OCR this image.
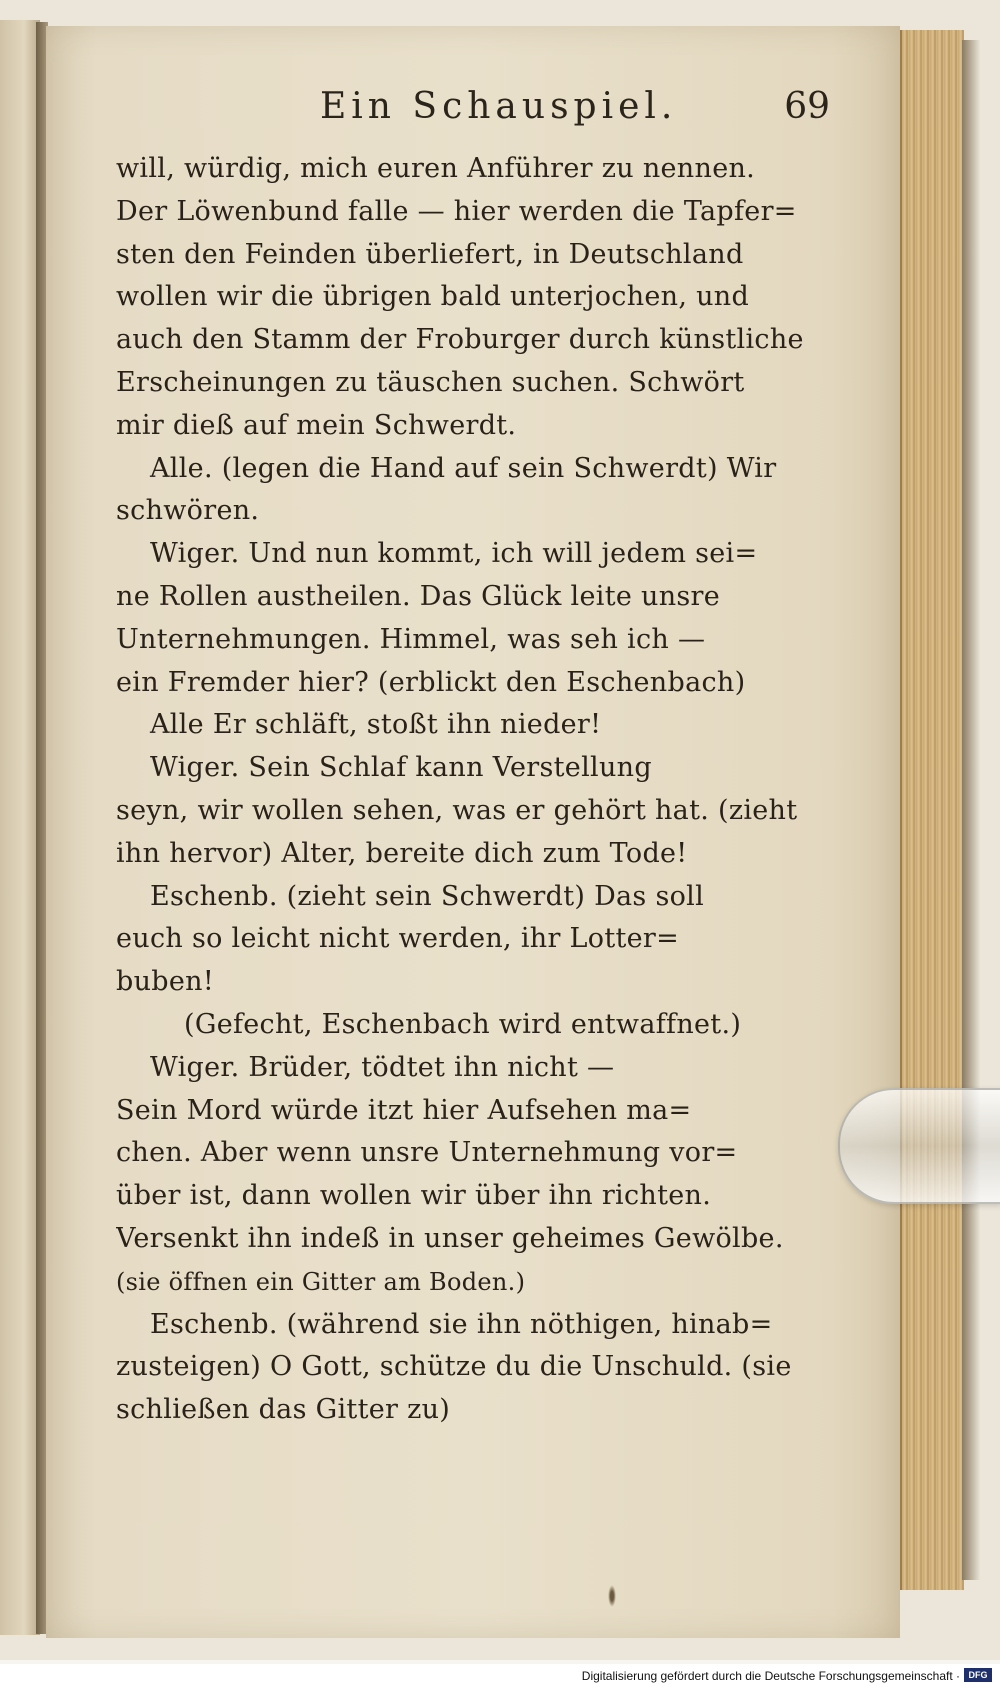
Ein Schauspiel.	69
will, würdig, mich euren Anführer zu nennen.
Der Löwenbund falle — hier werden die Tapfer=
sten den Feinden überliefert, in Deutschland
wollen wir die übrigen bald unterjochen, und
auch den Stamm der Froburger durch künstliche
Erscheinungen zu täuschen suchen. Schwört
mir dieß auf mein Schwerdt.
Alle. (legen die Hand auf sein Schwerdt) Wir
schwören.
Wiger. Und nun kommt, ich will jedem sei=
ne Rollen austheilen. Das Glück leite unsre
Unternehmungen. Himmel, was seh ich —
ein Fremder hier? (erblickt den Eschenbach)
Alle Er schläft, stoßt ihn nieder!
Wiger. Sein Schlaf kann Verstellung
seyn, wir wollen sehen, was er gehört hat. (zieht
ihn hervor) Alter, bereite dich zum Tode!
Eschenb. (zieht sein Schwerdt) Das soll
euch so leicht nicht werden, ihr Lotter=
buben!
(Gefecht, Eschenbach wird entwaffnet.)
Wiger. Brüder, tödtet ihn nicht —
Sein Mord würde itzt hier Aufsehen ma=
chen. Aber wenn unsre Unternehmung vor=
über ist, dann wollen wir über ihn richten.
Versenkt ihn indeß in unser geheimes Gewölbe.
(sie öffnen ein Gitter am Boden.)
Eschenb. (während sie ihn nöthigen, hinab=
zusteigen) O Gott, schütze du die Unschuld. (sie
schließen das Gitter zu)
Digitalisierung gefördert durch die Deutsche Forschungsgemeinschaft · DFG
